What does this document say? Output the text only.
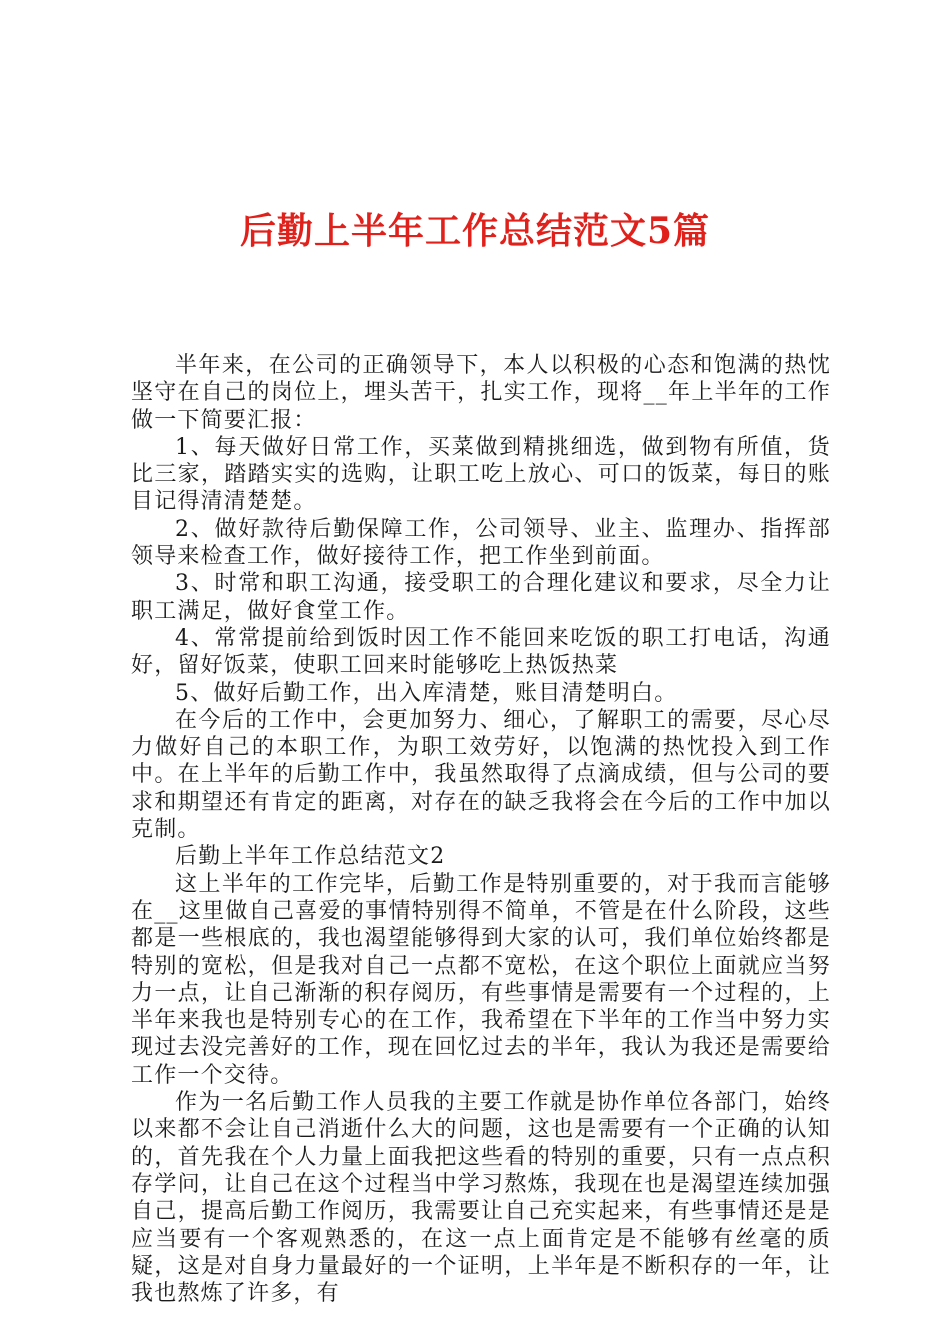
后勤上半年工作总结范文5篇

半年来，在公司的正确领导下，本人以积极的心态和饱满的热忱坚守在自己的岗位上，埋头苦干，扎实工作，现将__年上半年的工作做一下简要汇报：

1、每天做好日常工作，买菜做到精挑细选，做到物有所值，货比三家，踏踏实实的选购，让职工吃上放心、可口的饭菜，每日的账目记得清清楚楚。

2、做好款待后勤保障工作，公司领导、业主、监理办、指挥部领导来检查工作，做好接待工作，把工作坐到前面。

3、时常和职工沟通，接受职工的合理化建议和要求，尽全力让职工满足，做好食堂工作。

4、常常提前给到饭时因工作不能回来吃饭的职工打电话，沟通好，留好饭菜，使职工回来时能够吃上热饭热菜

5、做好后勤工作，出入库清楚，账目清楚明白。

在今后的工作中，会更加努力、细心，了解职工的需要，尽心尽力做好自己的本职工作，为职工效劳好，以饱满的热忱投入到工作中。在上半年的后勤工作中，我虽然取得了点滴成绩，但与公司的要求和期望还有肯定的距离，对存在的缺乏我将会在今后的工作中加以克制。

后勤上半年工作总结范文2

这上半年的工作完毕，后勤工作是特别重要的，对于我而言能够在__这里做自己喜爱的事情特别得不简单，不管是在什么阶段，这些都是一些根底的，我也渴望能够得到大家的认可，我们单位始终都是特别的宽松，但是我对自己一点都不宽松，在这个职位上面就应当努力一点，让自己渐渐的积存阅历，有些事情是需要有一个过程的，上半年来我也是特别专心的在工作，我希望在下半年的工作当中努力实现过去没完善好的工作，现在回忆过去的半年，我认为我还是需要给工作一个交待。

作为一名后勤工作人员我的主要工作就是协作单位各部门，始终以来都不会让自己消逝什么大的问题，这也是需要有一个正确的认知的，首先我在个人力量上面我把这些看的特别的重要，只有一点点积存学问，让自己在这个过程当中学习熬炼，我现在也是渴望连续加强自己，提高后勤工作阅历，我需要让自己充实起来，有些事情还是是应当要有一个客观熟悉的，在这一点上面肯定是不能够有丝毫的质疑，这是对自身力量最好的一个证明，上半年是不断积存的一年，让我也熬炼了许多，有
